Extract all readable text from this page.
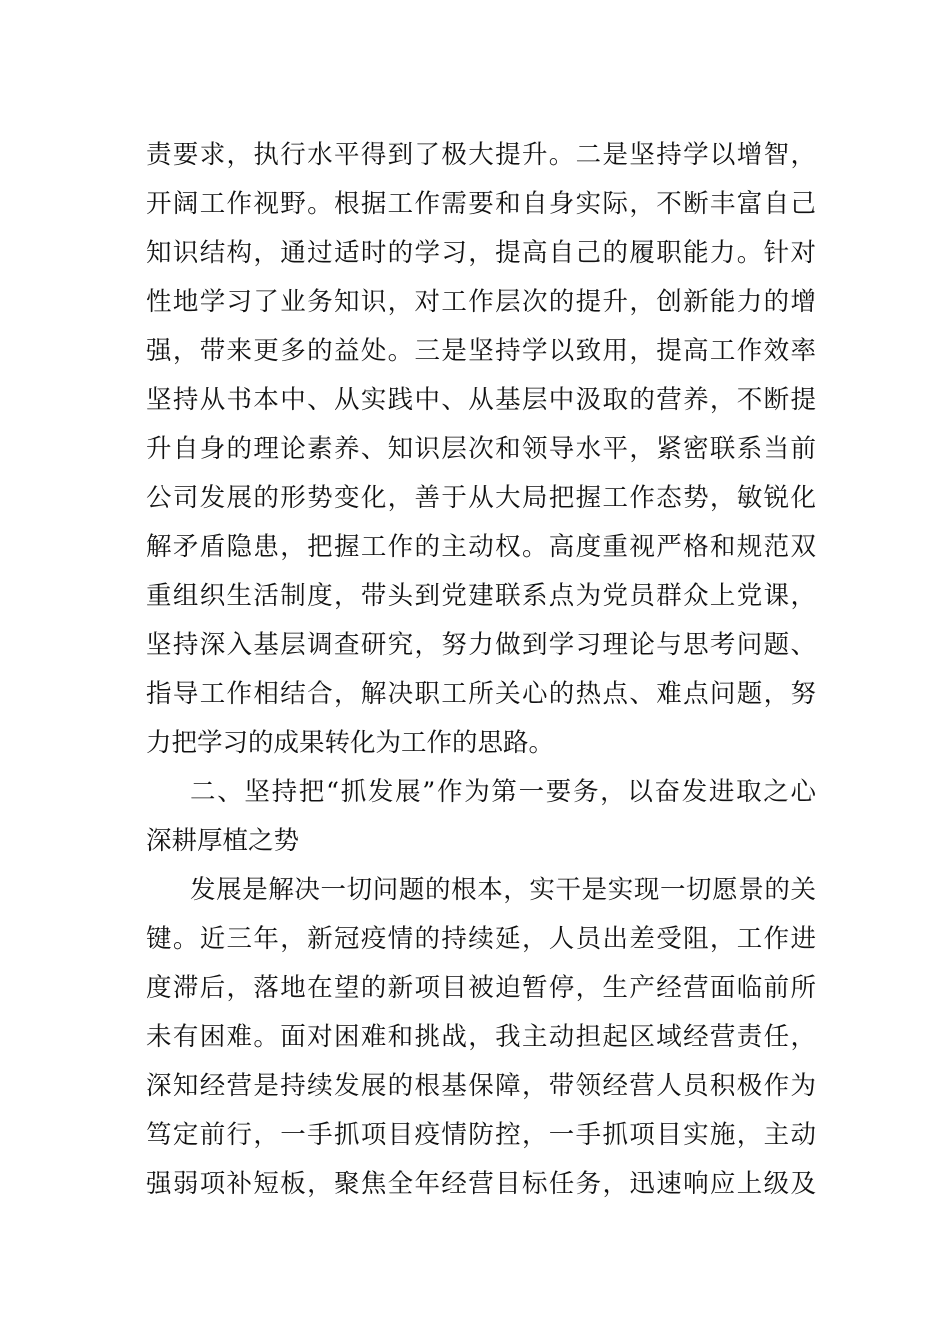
责要求，执行水平得到了极大提升。二是坚持学以增智，
开阔工作视野。根据工作需要和自身实际，不断丰富自己
知识结构，通过适时的学习，提高自己的履职能力。针对
性地学习了业务知识，对工作层次的提升，创新能力的增
强，带来更多的益处。三是坚持学以致用，提高工作效率
坚持从书本中、从实践中、从基层中汲取的营养，不断提
升自身的理论素养、知识层次和领导水平，紧密联系当前
公司发展的形势变化，善于从大局把握工作态势，敏锐化
解矛盾隐患，把握工作的主动权。高度重视严格和规范双
重组织生活制度，带头到党建联系点为党员群众上党课，
坚持深入基层调查研究，努力做到学习理论与思考问题、
指导工作相结合，解决职工所关心的热点、难点问题，努
力把学习的成果转化为工作的思路。
二、坚持把“抓发展”作为第一要务，以奋发进取之心
深耕厚植之势
发展是解决一切问题的根本，实干是实现一切愿景的关
键。近三年，新冠疫情的持续延，人员出差受阻，工作进
度滞后，落地在望的新项目被迫暂停，生产经营面临前所
未有困难。面对困难和挑战，我主动担起区域经营责任，
深知经营是持续发展的根基保障，带领经营人员积极作为
笃定前行，一手抓项目疫情防控，一手抓项目实施，主动
强弱项补短板，聚焦全年经营目标任务，迅速响应上级及
